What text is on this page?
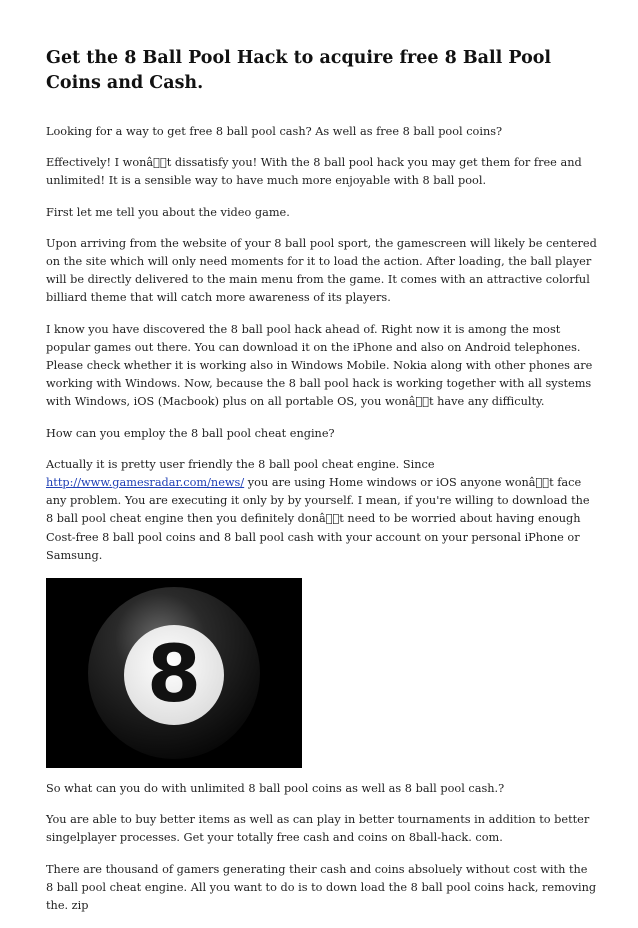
Get the 8 Ball Pool Hack to acquire free 8 Ball Pool Coins and Cash.

Looking for a way to get free 8 ball pool cash? As well as free 8 ball pool coins?

Effectively! I wonâ  t dissatisfy you! With the 8 ball pool hack you may get them for free and unlimited! It is a sensible way to have much more enjoyable with 8 ball pool.

First let me tell you about the video game.

Upon arriving from the website of your 8 ball pool sport, the gamescreen will likely be centered on the site which will only need moments for it to load the action. After loading, the ball player will be directly delivered to the main menu from the game. It comes with an attractive colorful billiard theme that will catch more awareness of its players.

I know you have discovered the 8 ball pool hack ahead of. Right now it is among the most popular games out there. You can download it on the iPhone and also on Android telephones. Please check whether it is working also in Windows Mobile. Nokia along with other phones are working with Windows. Now, because the 8 ball pool hack is working together with all systems with Windows, iOS (Macbook) plus on all portable OS, you wonâ  t have any difficulty.

How can you employ the 8 ball pool cheat engine?

Actually it is pretty user friendly the 8 ball pool cheat engine. Since http://www.gamesradar.com/news/ you are using Home windows or iOS anyone wonâ  t face any problem. You are executing it only by by yourself. I mean, if you're willing to download the 8 ball pool cheat engine then you definitely donâ  t need to be worried about having enough Cost-free 8 ball pool coins and 8 ball pool cash with your account on your personal iPhone or Samsung.

8

So what can you do with unlimited 8 ball pool coins as well as 8 ball pool cash.?

You are able to buy better items as well as can play in better tournaments in addition to better singelplayer processes. Get your totally free cash and coins on 8ball-hack. com.

There are thousand of gamers generating their cash and coins absoluely without cost with the 8 ball pool cheat engine. All you want to do is to down load the 8 ball pool coins hack, removing the. zip
